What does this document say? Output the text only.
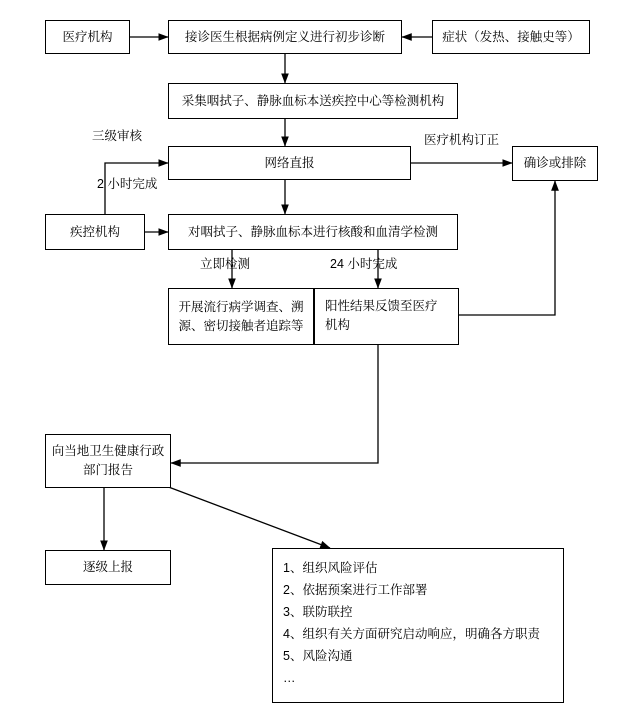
医疗机构	接诊医生根据病例定义进行初步诊断	症状（发热、接触史等）
采集咽拭子、静脉血标本送疾控中心等检测机构
网络直报	确诊或排除
疾控机构	对咽拭子、静脉血标本进行核酸和血清学检测
开展流行病学调查、溯源、密切接触者追踪等
阳性结果反馈至医疗机构
向当地卫生健康行政部门报告
逐级上报	1、组织风险评估
2、依据预案进行工作部署
3、联防联控
4、组织有关方面研究启动响应，明确各方职责
5、风险沟通
…
三级审核
2 小时完成
医疗机构订正
立即检测	24 小时完成
